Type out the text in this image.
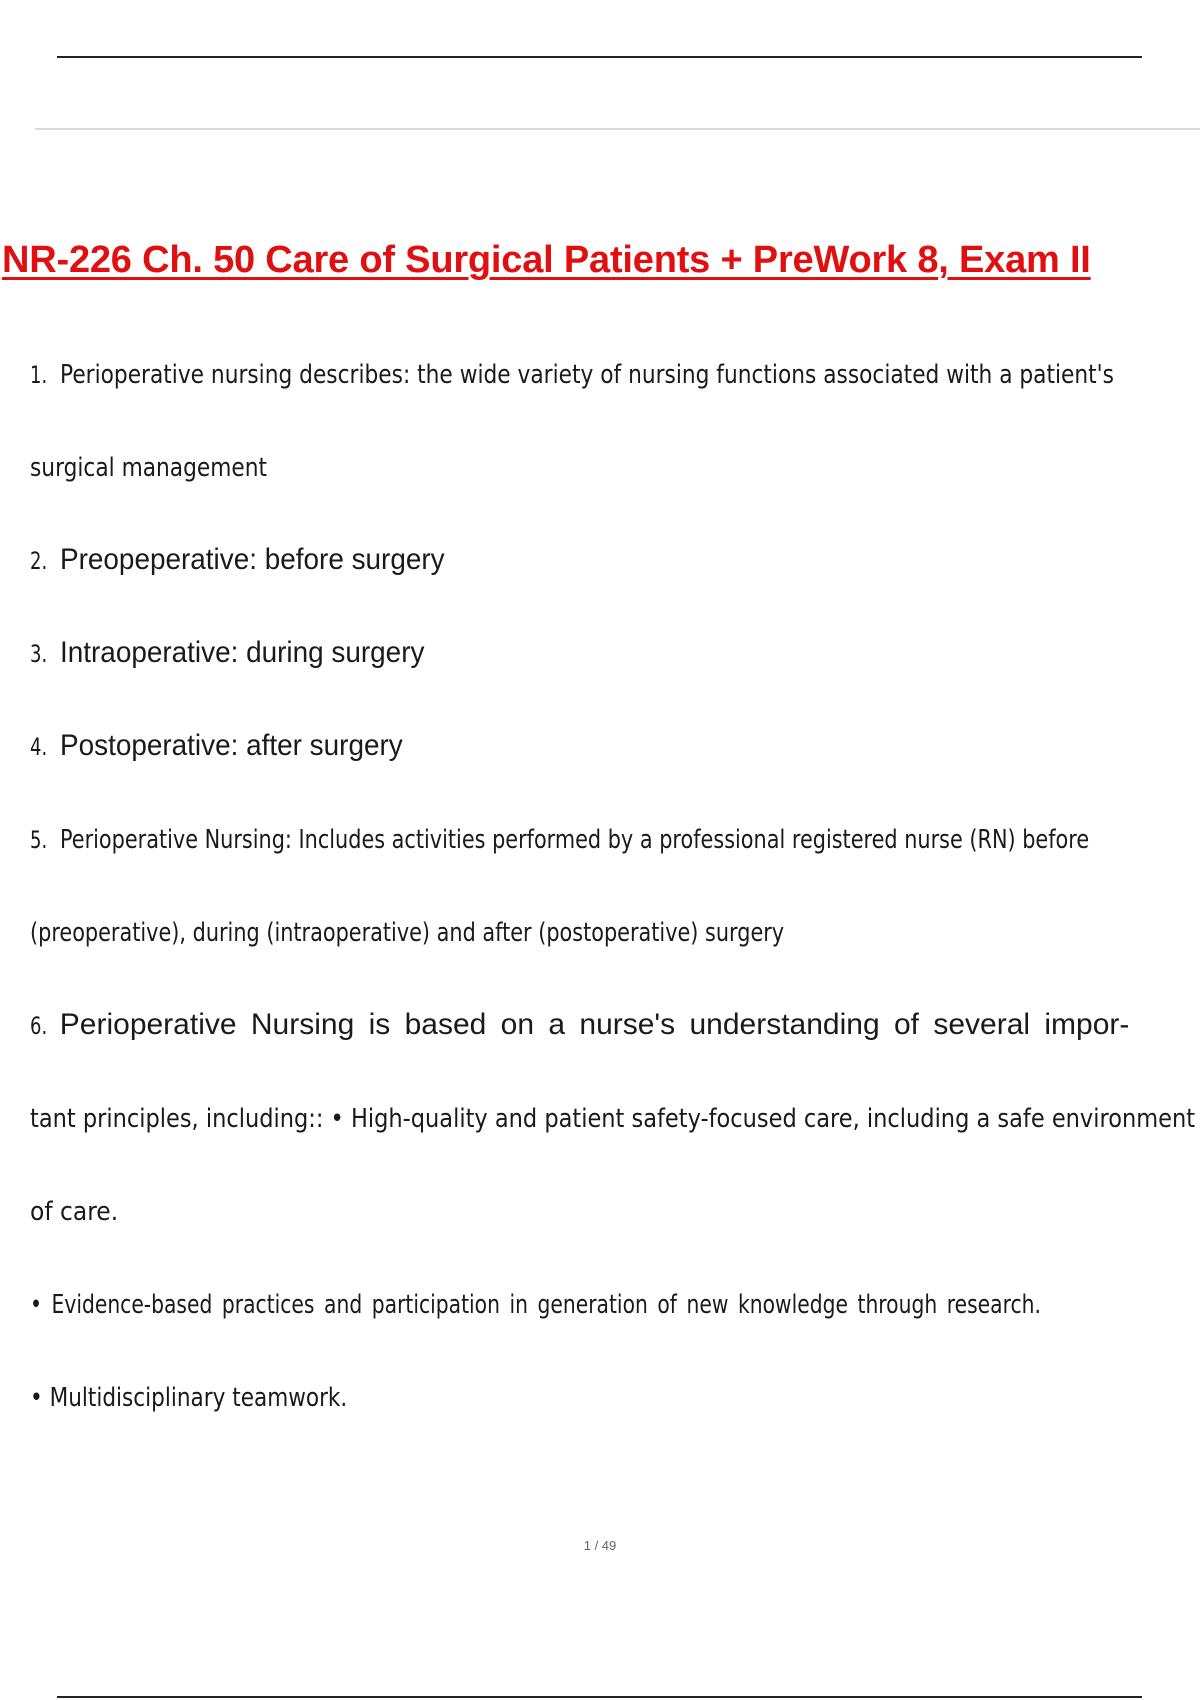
NR-226 Ch. 50 Care of Surgical Patients + PreWork 8, Exam II
1. Perioperative nursing describes: the wide variety of nursing functions associated with a patient's
surgical management
2. Preopeperative: before surgery
3. Intraoperative: during surgery
4. Postoperative: after surgery
5. Perioperative Nursing: Includes activities performed by a professional registered nurse (RN) before
(preoperative), during (intraoperative) and after (postoperative) surgery
6. Perioperative Nursing is based on a nurse's understanding of several impor-
tant principles, including:: • High-quality and patient safety-focused care, including a safe environment
of care.
• Evidence-based practices and participation in generation of new knowledge through research.
• Multidisciplinary teamwork.
1 / 49
